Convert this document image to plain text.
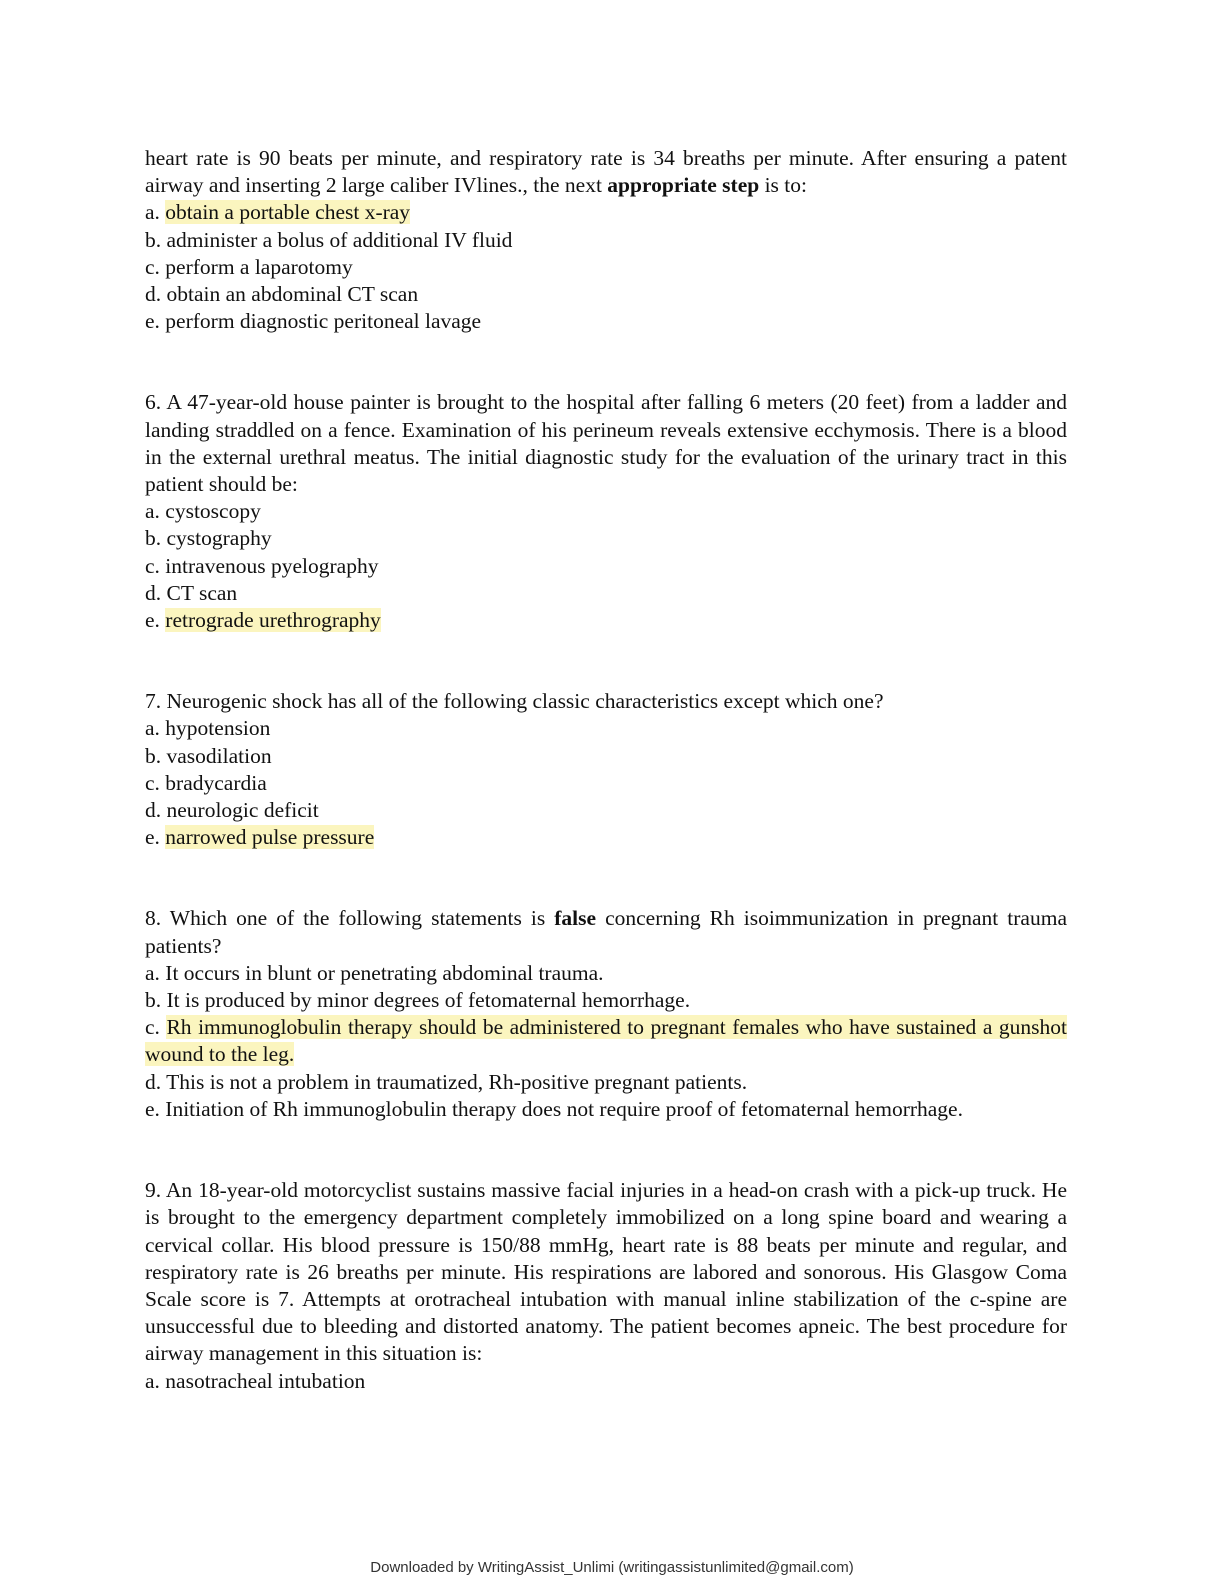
heart rate is 90 beats per minute, and respiratory rate is 34 breaths per minute. After ensuring a patent airway and inserting 2 large caliber IVlines., the next appropriate step is to:

a. obtain a portable chest x-ray

b. administer a bolus of additional IV fluid

c. perform a laparotomy

d. obtain an abdominal CT scan

e. perform diagnostic peritoneal lavage

6. A 47-year-old house painter is brought to the hospital after falling 6 meters (20 feet) from a ladder and landing straddled on a fence. Examination of his perineum reveals extensive ecchymosis. There is a blood in the external urethral meatus. The initial diagnostic study for the evaluation of the urinary tract in this patient should be:

a. cystoscopy

b. cystography

c. intravenous pyelography

d. CT scan

e. retrograde urethrography

7. Neurogenic shock has all of the following classic characteristics except which one?

a. hypotension

b. vasodilation

c. bradycardia

d. neurologic deficit

e. narrowed pulse pressure

8. Which one of the following statements is false concerning Rh isoimmunization in pregnant trauma patients?

a. It occurs in blunt or penetrating abdominal trauma.

b. It is produced by minor degrees of fetomaternal hemorrhage.

c. Rh immunoglobulin therapy should be administered to pregnant females who have sustained a gunshot wound to the leg.

d. This is not a problem in traumatized, Rh-positive pregnant patients.

e. Initiation of Rh immunoglobulin therapy does not require proof of fetomaternal hemorrhage.

9. An 18-year-old motorcyclist sustains massive facial injuries in a head-on crash with a pick-up truck. He is brought to the emergency department completely immobilized on a long spine board and wearing a cervical collar. His blood pressure is 150/88 mmHg, heart rate is 88 beats per minute and regular, and respiratory rate is 26 breaths per minute. His respirations are labored and sonorous. His Glasgow Coma Scale score is 7. Attempts at orotracheal intubation with manual inline stabilization of the c-spine are unsuccessful due to bleeding and distorted anatomy. The patient becomes apneic. The best procedure for airway management in this situation is:

a. nasotracheal intubation

Downloaded by WritingAssist_Unlimi (writingassistunlimited@gmail.com)
